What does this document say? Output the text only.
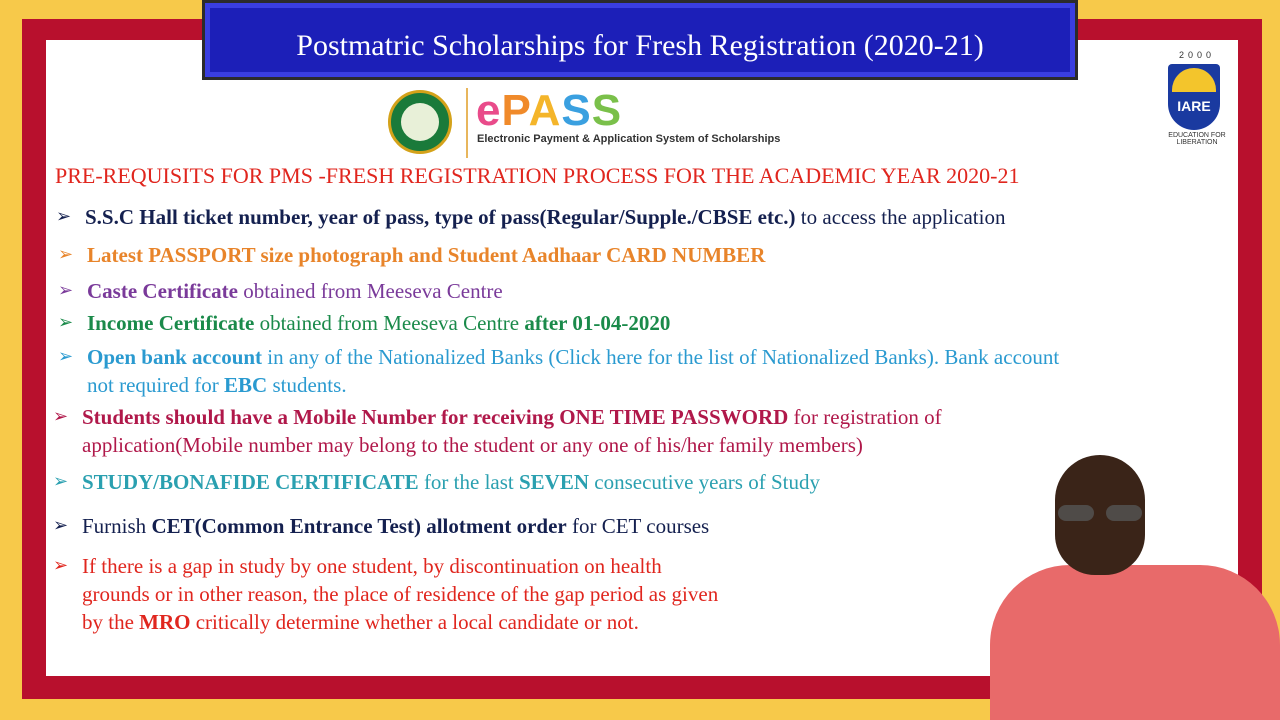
Postmatric Scholarships for Fresh Registration (2020-21)
ePASS
Electronic Payment & Application System of Scholarships
2000
IARE
EDUCATION FOR LIBERATION
PRE-REQUISITS FOR PMS -FRESH REGISTRATION PROCESS FOR THE ACADEMIC YEAR 2020-21
➢ S.S.C Hall ticket number, year of pass, type of pass(Regular/Supple./CBSE etc.) to access the application
➢ Latest PASSPORT size photograph and Student Aadhaar CARD NUMBER
➢ Caste Certificate obtained from Meeseva Centre
➢ Income Certificate obtained from Meeseva Centre after 01-04-2020
➢ Open bank account in any of the Nationalized Banks (Click here for the list of Nationalized Banks). Bank account
not required for EBC students.
➢ Students should have a Mobile Number for receiving ONE TIME PASSWORD for registration of
application(Mobile number may belong to the student or any one of his/her family members)
➢ STUDY/BONAFIDE CERTIFICATE for the last SEVEN consecutive years of Study
➢ Furnish CET(Common Entrance Test) allotment order for CET courses
➢ If there is a gap in study by one student, by discontinuation on health
grounds or in other reason, the place of residence of the gap period as given
by the MRO critically determine whether a local candidate or not.
